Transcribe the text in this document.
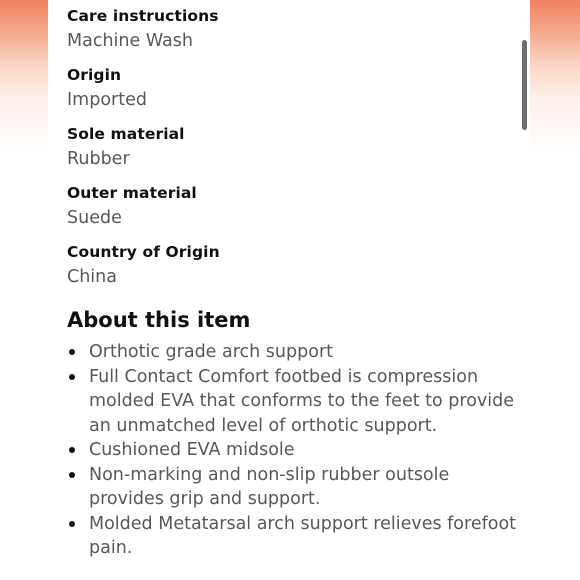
Care instructions
Machine Wash
Origin
Imported
Sole material
Rubber
Outer material
Suede
Country of Origin
China
About this item
Orthotic grade arch support
Full Contact Comfort footbed is compression molded EVA that conforms to the feet to provide an unmatched level of orthotic support.
Cushioned EVA midsole
Non-marking and non-slip rubber outsole provides grip and support.
Molded Metatarsal arch support relieves forefoot pain.
